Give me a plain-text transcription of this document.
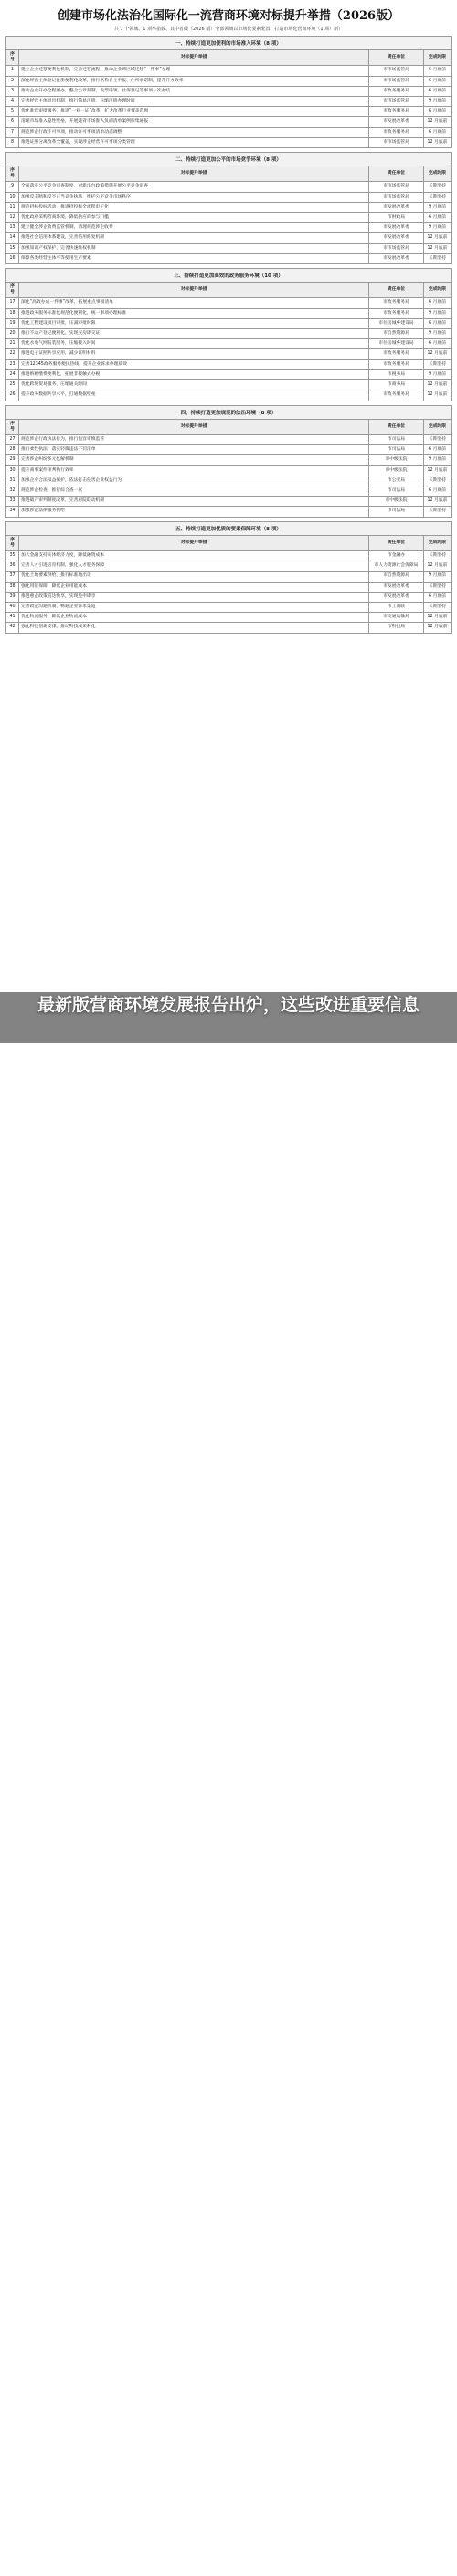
创建市场化法治化国际化一流营商环境对标提升举措（2026版）
共 1 个领域、1 项举措数、其中省级（2026 版）全部领域以市场化要素配置、打造市场化营商环境（1 项）新）
一、持续打造更加便利的市场准入环境（8 项）
序号	对标提升举措	责任单位	完成时限
1	建立企业迁移便利化机制，完善迁移流程，推动企业跨区域迁移“一件事”办理	市市场监管局	6 月底前
2	深化经营主体登记注册便利化改革，推行名称自主申报、住所承诺制，提升开办效率	市市场监管局	6 月底前
3	推动企业开办全程网办，整合公章刻制、发票申领、社保登记等事项一次办结	市政务服务局	6 月底前
4	完善经营主体退出机制，推行简易注销，压缩注销办理时间	市市场监管局	9 月底前
5	优化准营审批服务，推进“一业一证”改革，扩大改革行业覆盖范围	市政务服务局	6 月底前
6	清理市场准入隐性壁垒，开展违背市场准入负面清单案例归集通报	市发展改革委	12 月底前
7	规范涉企行政许可事项，推动许可事项清单动态调整	市政务服务局	6 月底前
8	推进证照分离改革全覆盖，实现涉企经营许可事项分类管理	市市场监管局	12 月底前
二、持续打造更加公平的市场竞争环境（8 项）
序号	对标提升举措	责任单位	完成时限
9	全面落实公平竞争审查制度，对新出台政策措施开展公平竞争审查	市市场监管局	长期坚持
10	加强反垄断和反不正当竞争执法，维护公平竞争市场秩序	市市场监管局	长期坚持
11	规范招标投标活动，推进招投标全流程电子化	市发展改革委	9 月底前
12	优化政府采购营商环境，降低供应商参与门槛	市财政局	6 月底前
13	建立健全涉企收费监管机制，清理规范涉企收费	市发展改革委	9 月底前
14	推进社会信用体系建设，完善信用修复机制	市发展改革委	12 月底前
15	加强知识产权保护，完善快速维权机制	市市场监管局	12 月底前
16	保障各类经营主体平等使用生产要素	市发展改革委	长期坚持
三、持续打造更加高效的政务服务环境（10 项）
序号	对标提升举措	责任单位	完成时限
17	深化“高效办成一件事”改革，拓展重点事项清单	市政务服务局	6 月底前
18	推进政务服务标准化规范化便利化，统一事项办理标准	市政务服务局	9 月底前
19	优化工程建设项目审批，压减审批时限	市住房城乡建设局	6 月底前
20	推行不动产登记便利化，实现交房即交证	市自然资源局	9 月底前
21	优化水电气网报装服务，压缩接入时间	市住房城乡建设局	6 月底前
22	推进电子证照共享应用，减少证明材料	市政务服务局	12 月底前
23	完善12345政务服务便民热线，提升企业诉求办理质效	市政务服务局	长期坚持
24	推进纳税缴费便利化，拓展非接触式办税	市税务局	9 月底前
25	优化跨境贸易服务，压缩通关时间	市商务局	12 月底前
26	提升政务数据共享水平，打通数据壁垒	市政务服务局	12 月底前
四、持续打造更加规范的法治环境（8 项）
序号	对标提升举措	责任单位	完成时限
27	规范涉企行政执法行为，推行包容审慎监管	市司法局	长期坚持
28	推行柔性执法，落实轻微违法不罚清单	市司法局	6 月底前
29	完善涉企纠纷多元化解机制	市中级法院	9 月底前
30	提升商事案件审判执行效率	市中级法院	12 月底前
31	加强企业合法权益保护，依法打击侵害企业权益行为	市公安局	长期坚持
32	规范涉企检查，推行综合查一次	市司法局	6 月底前
33	推进破产审判制度改革，完善府院联动机制	市中级法院	12 月底前
34	加强涉企法律服务供给	市司法局	长期坚持
五、持续打造更加优质的要素保障环境（8 项）
序号	对标提升举措	责任单位	完成时限
35	加大金融支持实体经济力度，降低融资成本	市金融办	长期坚持
36	完善人才引进培育机制，强化人才服务保障	市人力资源社会保障局	12 月底前
37	优化土地要素供给，推行标准地出让	市自然资源局	9 月底前
38	强化用能保障，降低企业用能成本	市发展改革委	长期坚持
39	推进惠企政策直达快享，实现免申即享	市发展改革委	6 月底前
40	完善政企沟通机制，畅通企业诉求渠道	市工商联	长期坚持
41	优化物流服务，降低企业物流成本	市交通运输局	12 月底前
42	强化科技创新支撑，推动科技成果转化	市科技局	12 月底前
最新版营商环境发展报告出炉，这些改进重要信息
